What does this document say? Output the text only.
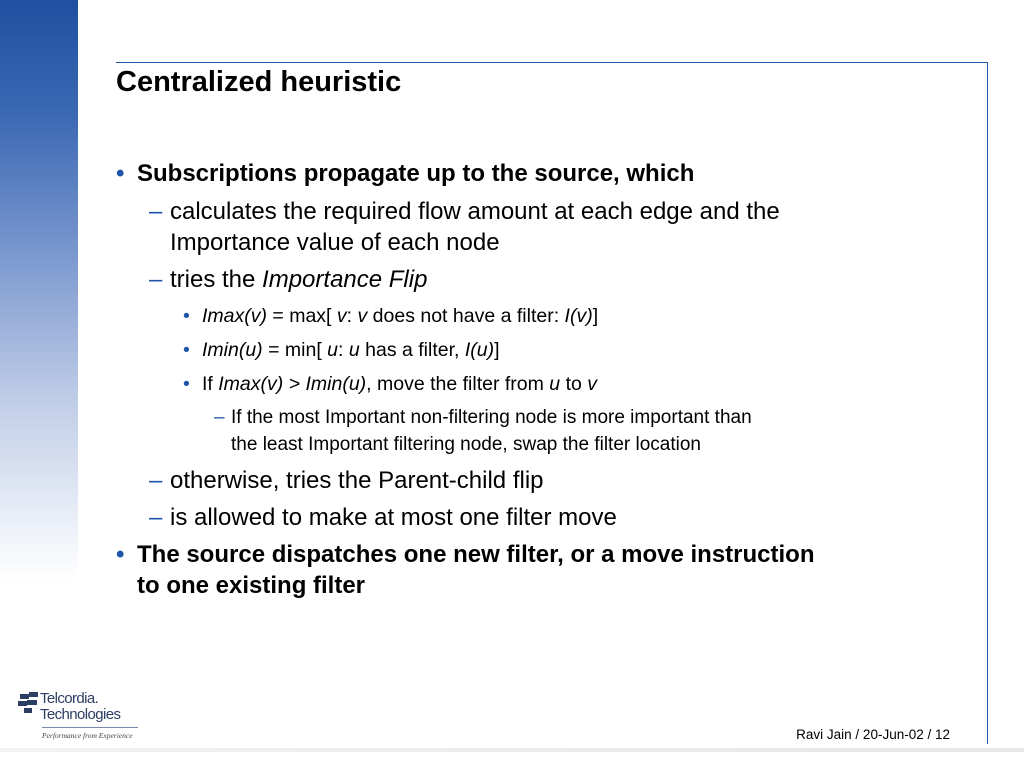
Centralized heuristic
• Subscriptions propagate up to the source, which
– calculates the required flow amount at each edge and the
Importance value of each node
– tries the Importance Flip
• Imax(v) = max[ v: v does not have a filter: I(v)]
• Imin(u) = min[ u: u has a filter, I(u)]
• If Imax(v) > Imin(u), move the filter from u to v
– If the most Important non-filtering node is more important than
the least Important filtering node, swap the filter location
– otherwise, tries the Parent-child flip
– is allowed to make at most one filter move
• The source dispatches one new filter, or a move instruction
to one existing filter
Telcordia.
Technologies
Performance from Experience	Ravi Jain / 20-Jun-02 / 12
